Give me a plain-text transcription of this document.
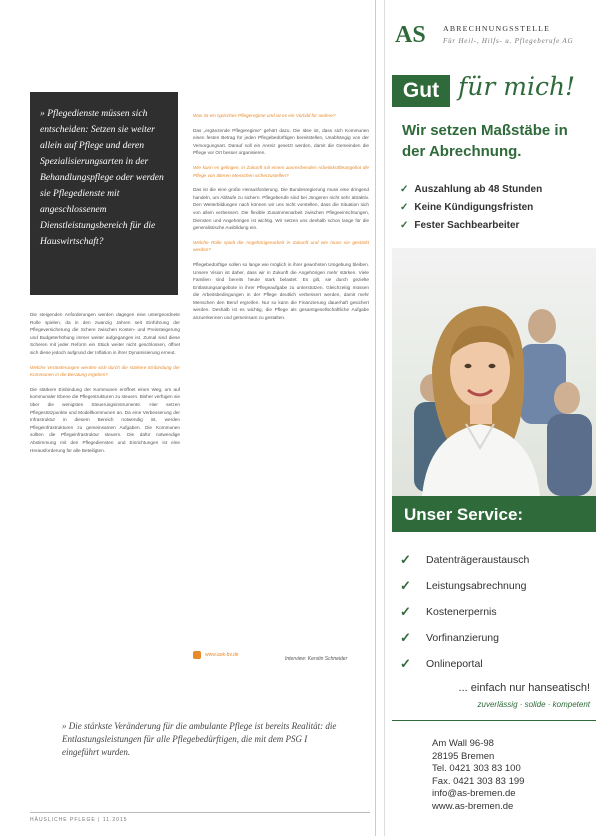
» Pflegedienste müssen sich entscheiden: Setzen sie weiter allein auf Pflege und deren Spezialisierungsarten in der Behandlungspflege oder werden sie Pflegedienste mit angeschlossenem Dienstleistungsbereich für die Hauswirtschaft?

Die steigenden Anforderungen werden dagegen eine untergeordnete Rolle spielen, da in den zwanzig Jahren seit Einführung der Pflegeversicherung die Schere zwischen Kosten- und Preissteigerung und Budgeterhöhung immer weiter aufgegangen ist. Zumal sind diese Scheren mit jeder Reform ein Stück weiter nicht geschlossen, öffnet sich diese jedoch aufgrund der Inflation in ihrer Dynamisierung erneut.

Welche Veränderungen werden sich durch die stärkere Einbindung der Kommunen in die Beratung ergeben?

Die stärkere Einbindung der Kommunen eröffnet einen Weg, um auf kommunaler Ebene die Pflegestrukturen zu steuern. Bisher verfügen sie über die wenigsten Steuerungsinstrumente. Hier setzen Pflegestützpunkte und Modellkommunen an. Da eine Verbesserung der Infrastruktur in diesem Bereich notwendig ist, werden Pflegeinfrastrukturen zu gemeinsamen Aufgaben. Die Kommunen sollten die Pflegeinfrastruktur steuern. Die dafür notwendige Abstimmung mit den Pflegediensten und Einrichtungen ist eine Herausforderung für alle Beteiligten.

Was ist ein typisches Pflegeregime und ist es ein Vorbild für andere?

Das „ergänzende Pflegeregime“ gehört dazu. Die Idee ist, dass sich Kommunen einen festen Betrag für jeden Pflegebedürftigen bereitstellen, Unabhängig von der Versorgungsart. Darauf soll ein Anreiz gesetzt werden, damit die Gemeinden die Pflege vor Ort besser organisieren.

Wie kann es gelingen, in Zukunft mit einem ausreichenden Arbeitskräfteangebot die Pflege von älteren Menschen sicherzustellen?

Das ist die eine große Herausforderung. Die Bundesregierung muss eine dringend handeln, um Abläufe zu sichern. Pflegeberufe sind bei Jüngeren nicht sehr attraktiv. Den Weiterbildungen nach können wir uns nicht vorstellen, dass die Situation sich von allein verbessert. Die flexible Zusammenarbeit zwischen Pflegeeinrichtungen, Diensten und Angehörigen ist wichtig. Wir setzen uns deshalb schon lange für die generalistische Ausbildung ein.

Welche Rolle spielt die Angehörigenarbeit in Zukunft und wie muss sie gestärkt werden?

Pflegebedürftige sollen so lange wie möglich in ihrer gewohnten Umgebung bleiben. Unsere Vision ist daher, dass wir in Zukunft die Angehörigen mehr stärken. Viele Familien sind bereits heute stark belastet. Es gilt, sie durch gezielte Entlastungsangebote in ihrer Pflegeaufgabe zu unterstützen. Gleichzeitig müssen die Arbeitsbedingungen in der Pflege deutlich verbessert werden, damit mehr Menschen den Beruf ergreifen. Nur so kann die Finanzierung dauerhaft gesichert werden. Deshalb ist es wichtig, die Pflege als gesamtgesellschaftliche Aufgabe anzuerkennen und gemeinsam zu gestalten.

www.aok-bv.de
Interview: Kerstin Schneider
» Die stärkste Veränderung für die ambulante Pflege ist bereits Realität: die Entlastungsleistungen für alle Pflegebedürftigen, die mit dem PSG I eingeführt wurden.
HÄUSLICHE PFLEGE | 11.2015
AS ABRECHNUNGSSTELLE
Für Heil-, Hilfs- u. Pflegeberufe AG
Gut für mich!
Wir setzen Maßstäbe in der Abrechnung.
✓ Auszahlung ab 48 Stunden
✓ Keine Kündigungsfristen
✓ Fester Sachbearbeiter
Unser Service:
✓ Datenträgeraustausch
✓ Leistungsabrechnung
✓ Kostenerpernis
✓ Vorfinanzierung
✓ Onlineportal
... einfach nur hanseatisch!
zuverlässig · solide · kompetent
Am Wall 96-98
28195 Bremen
Tel. 0421 303 83 100
Fax. 0421 303 83 199
info@as-bremen.de
www.as-bremen.de
